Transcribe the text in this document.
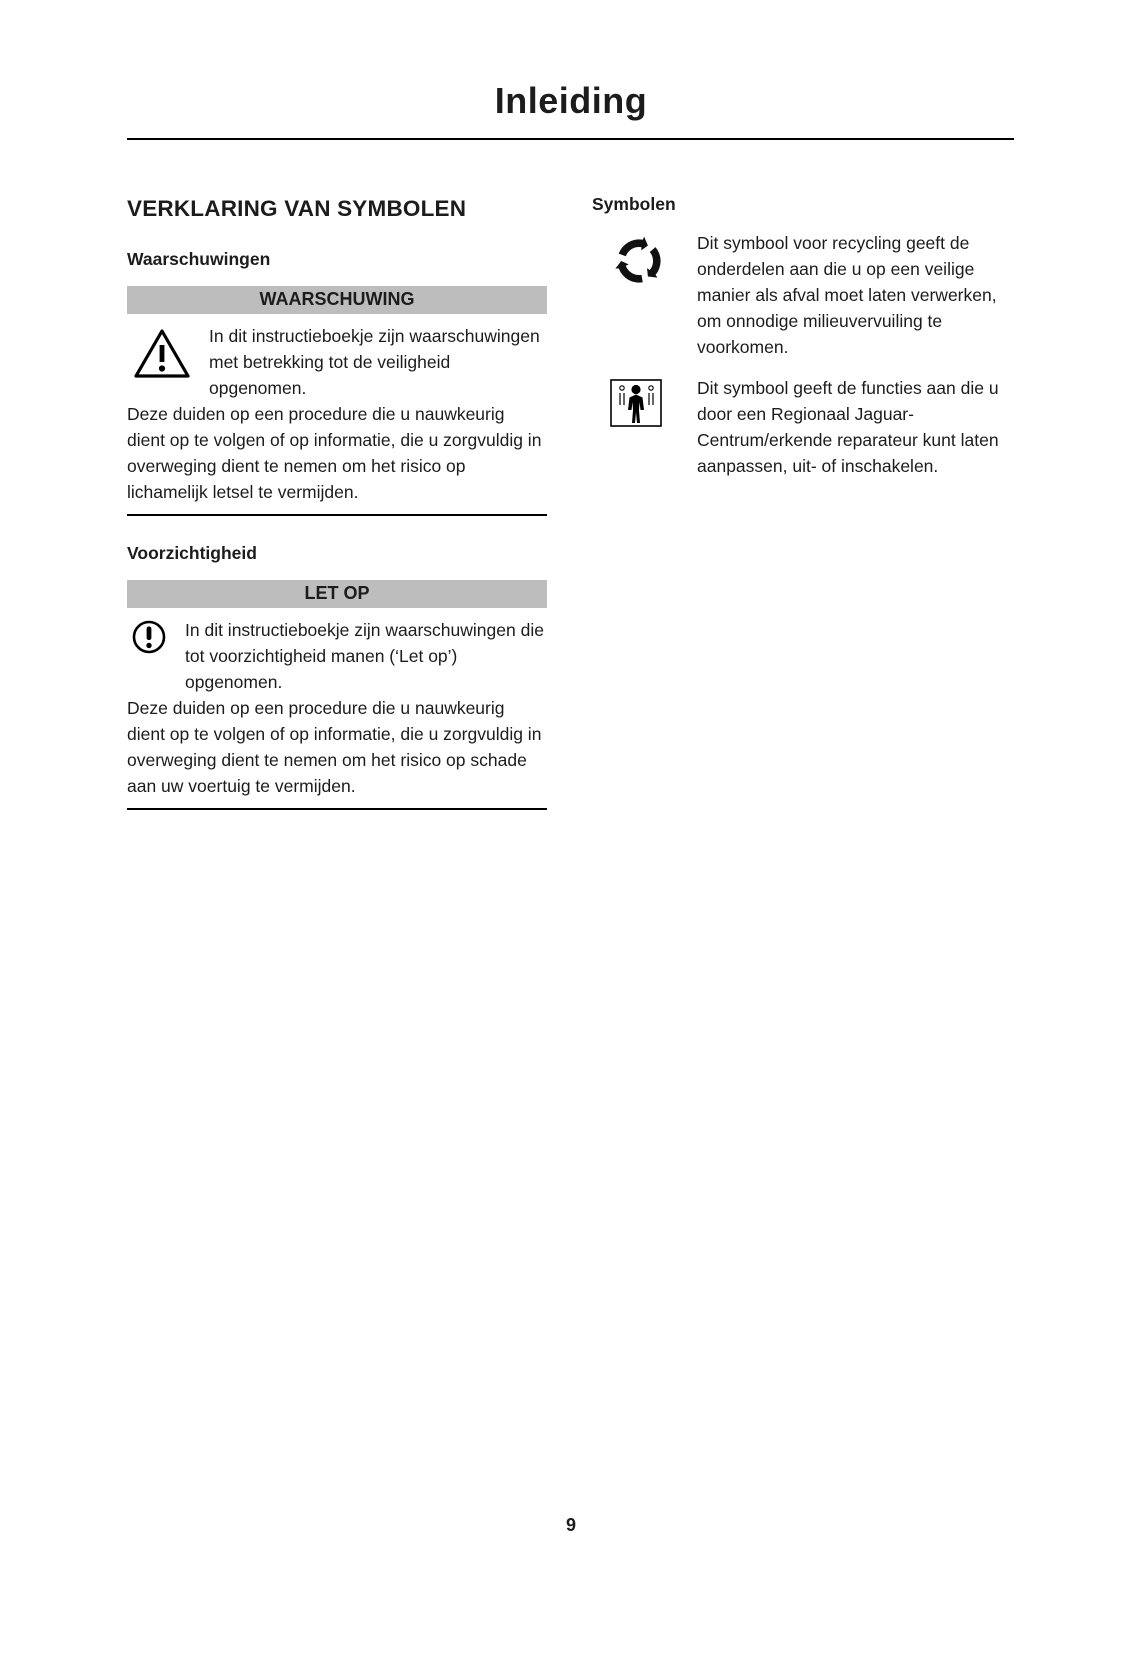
Inleiding
VERKLARING VAN SYMBOLEN
Waarschuwingen
WAARSCHUWING

In dit instructieboekje zijn waarschuwingen met betrekking tot de veiligheid opgenomen.

Deze duiden op een procedure die u nauwkeurig dient op te volgen of op informatie, die u zorgvuldig in overweging dient te nemen om het risico op lichamelijk letsel te vermijden.

Voorzichtigheid
LET OP

In dit instructieboekje zijn waarschuwingen die tot voorzichtigheid manen (‘Let op’) opgenomen.

Deze duiden op een procedure die u nauwkeurig dient op te volgen of op informatie, die u zorgvuldig in overweging dient te nemen om het risico op schade aan uw voertuig te vermijden.

Symbolen

Dit symbool voor recycling geeft de onderdelen aan die u op een veilige manier als afval moet laten verwerken, om onnodige milieuvervuiling te voorkomen.

Dit symbool geeft de functies aan die u door een Regionaal Jaguar-Centrum/erkende reparateur kunt laten aanpassen, uit- of inschakelen.

9
